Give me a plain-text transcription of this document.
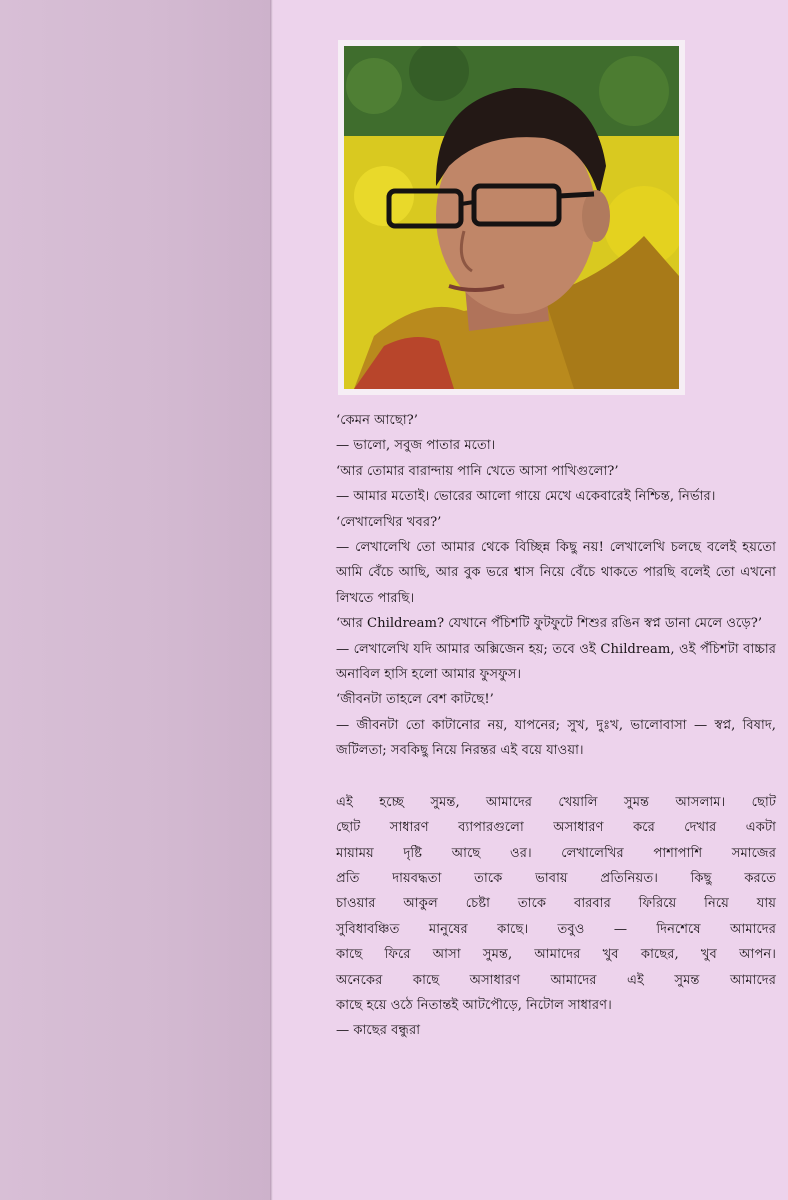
‘কেমন আছো?’

— ভালো, সবুজ পাতার মতো।

‘আর তোমার বারান্দায় পানি খেতে আসা পাখিগুলো?’

— আমার মতোই। ভোরের আলো গায়ে মেখে একেবারেই নিশ্চিন্ত, নির্ভার।

‘লেখালেখির খবর?’

— লেখালেখি তো আমার থেকে বিচ্ছিন্ন কিছু নয়! লেখালেখি চলছে বলেই হয়তো আমি বেঁচে আছি, আর বুক ভরে শ্বাস নিয়ে বেঁচে থাকতে পারছি বলেই তো এখনো লিখতে পারছি।

‘আর Childream? যেখানে পঁচিশটি ফুটফুটে শিশুর রঙিন স্বপ্ন ডানা মেলে ওড়ে?’

— লেখালেখি যদি আমার অক্সিজেন হয়; তবে ওই Childream, ওই পঁচিশটা বাচ্চার অনাবিল হাসি হলো আমার ফুসফুস।

‘জীবনটা তাহলে বেশ কাটছে!’

— জীবনটা তো কাটানোর নয়, যাপনের; সুখ, দুঃখ, ভালোবাসা — স্বপ্ন, বিষাদ, জটিলতা; সবকিছু নিয়ে নিরন্তর এই বয়ে যাওয়া।

এই হচ্ছে সুমন্ত, আমাদের খেয়ালি সুমন্ত আসলাম। ছোট

ছোট সাধারণ ব্যাপারগুলো অসাধারণ করে দেখার একটা

মায়াময় দৃষ্টি আছে ওর। লেখালেখির পাশাপাশি সমাজের

প্রতি দায়বদ্ধতা তাকে ভাবায় প্রতিনিয়ত। কিছু করতে

চাওয়ার আকুল চেষ্টা তাকে বারবার ফিরিয়ে নিয়ে যায়

সুবিধাবঞ্চিত মানুষের কাছে। তবুও — দিনশেষে আমাদের

কাছে ফিরে আসা সুমন্ত, আমাদের খুব কাছের, খুব আপন।

অনেকের কাছে অসাধারণ আমাদের এই সুমন্ত আমাদের

কাছে হয়ে ওঠে নিতান্তই আটপৌড়ে, নিটোল সাধারণ।

— কাছের বন্ধুরা
